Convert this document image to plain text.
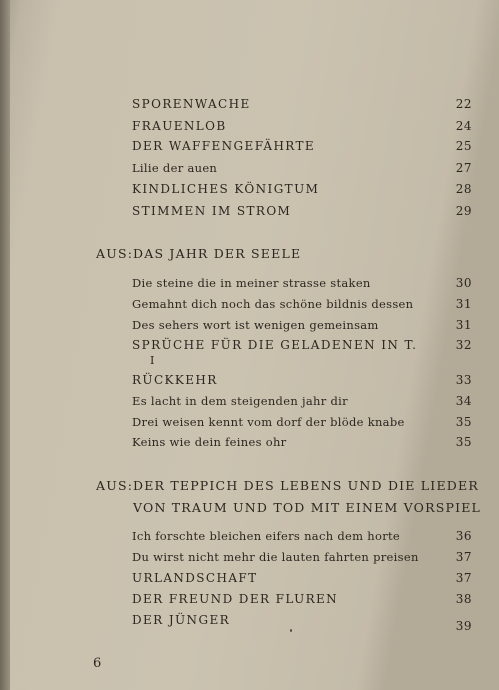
SPORENWACHE	22
FRAUENLOB	24
DER WAFFENGEFÄHRTE	25
Lilie der auen	27
KINDLICHES KÖNIGTUM	28
STIMMEN IM STROM	29
AUS: DAS JAHR DER SEELE
Die steine die in meiner strasse staken	30
Gemahnt dich noch das schöne bildnis dessen	31
Des sehers wort ist wenigen gemeinsam	31
SPRÜCHE FÜR DIE GELADENEN IN T.	32
I
RÜCKKEHR	33
Es lacht in dem steigenden jahr dir	34
Drei weisen kennt vom dorf der blöde knabe	35
Keins wie dein feines ohr	35
AUS: DER TEPPICH DES LEBENS UND DIE LIEDER
VON TRAUM UND TOD MIT EINEM VORSPIEL
Ich forschte bleichen eifers nach dem horte	36
Du wirst nicht mehr die lauten fahrten preisen	37
URLANDSCHAFT	37
DER FREUND DER FLUREN	38
DER JÜNGER	39
6
